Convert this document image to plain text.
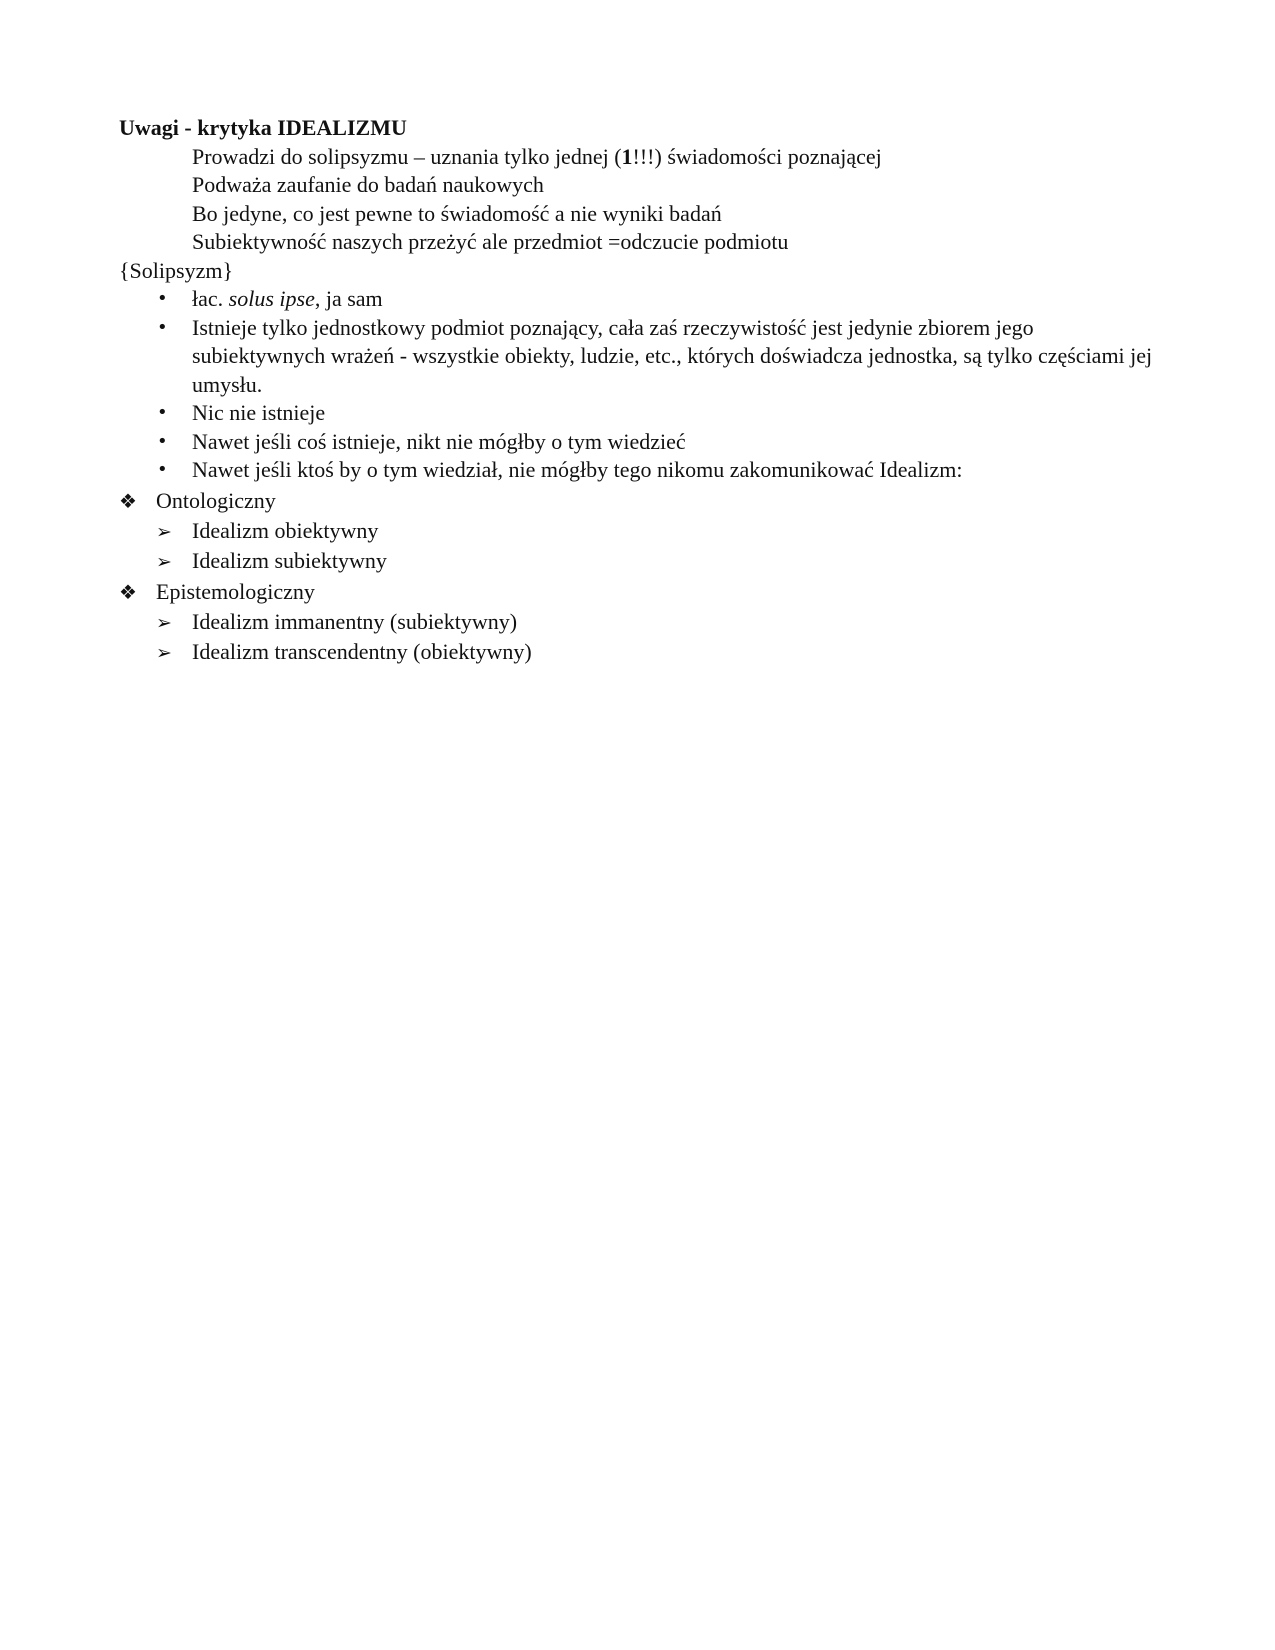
Uwagi - krytyka IDEALIZMU

Prowadzi do solipsyzmu – uznania tylko jednej (1!!!) świadomości poznającej

Podważa zaufanie do badań naukowych

Bo jedyne, co jest pewne to świadomość a nie wyniki badań

Subiektywność naszych przeżyć ale przedmiot =odczucie podmiotu

{Solipsyzm}

• łac. solus ipse, ja sam
• Istnieje tylko jednostkowy podmiot poznający, cała zaś rzeczywistość jest jedynie zbiorem jego subiektywnych wrażeń - wszystkie obiekty, ludzie, etc., których doświadcza jednostka, są tylko częściami jej umysłu.
• Nic nie istnieje
• Nawet jeśli coś istnieje, nikt nie mógłby o tym wiedzieć
• Nawet jeśli ktoś by o tym wiedział, nie mógłby tego nikomu zakomunikować Idealizm:
❖ Ontologiczny
➢ Idealizm obiektywny
➢ Idealizm subiektywny
❖ Epistemologiczny
➢ Idealizm immanentny (subiektywny)
➢ Idealizm transcendentny (obiektywny)
